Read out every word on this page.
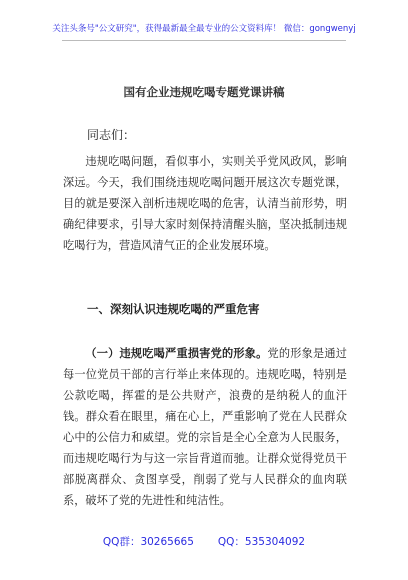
关注头条号"公文研究"，获得最新最全最专业的公文资料库！ 微信：gongwenyj
国有企业违规吃喝专题党课讲稿
同志们：

违规吃喝问题，看似事小，实则关乎党风政风，影响深远。今天，我们围绕违规吃喝问题开展这次专题党课，目的就是要深入剖析违规吃喝的危害，认清当前形势，明确纪律要求，引导大家时刻保持清醒头脑，坚决抵制违规吃喝行为，营造风清气正的企业发展环境。

一、深刻认识违规吃喝的严重危害

（一）违规吃喝严重损害党的形象。党的形象是通过每一位党员干部的言行举止来体现的。违规吃喝，特别是公款吃喝，挥霍的是公共财产，浪费的是纳税人的血汗钱。群众看在眼里，痛在心上，严重影响了党在人民群众心中的公信力和威望。党的宗旨是全心全意为人民服务，而违规吃喝行为与这一宗旨背道而驰。让群众觉得党员干部脱离群众、贪图享受，削弱了党与人民群众的血肉联系，破坏了党的先进性和纯洁性。

QQ群：30265665 QQ：535304092
